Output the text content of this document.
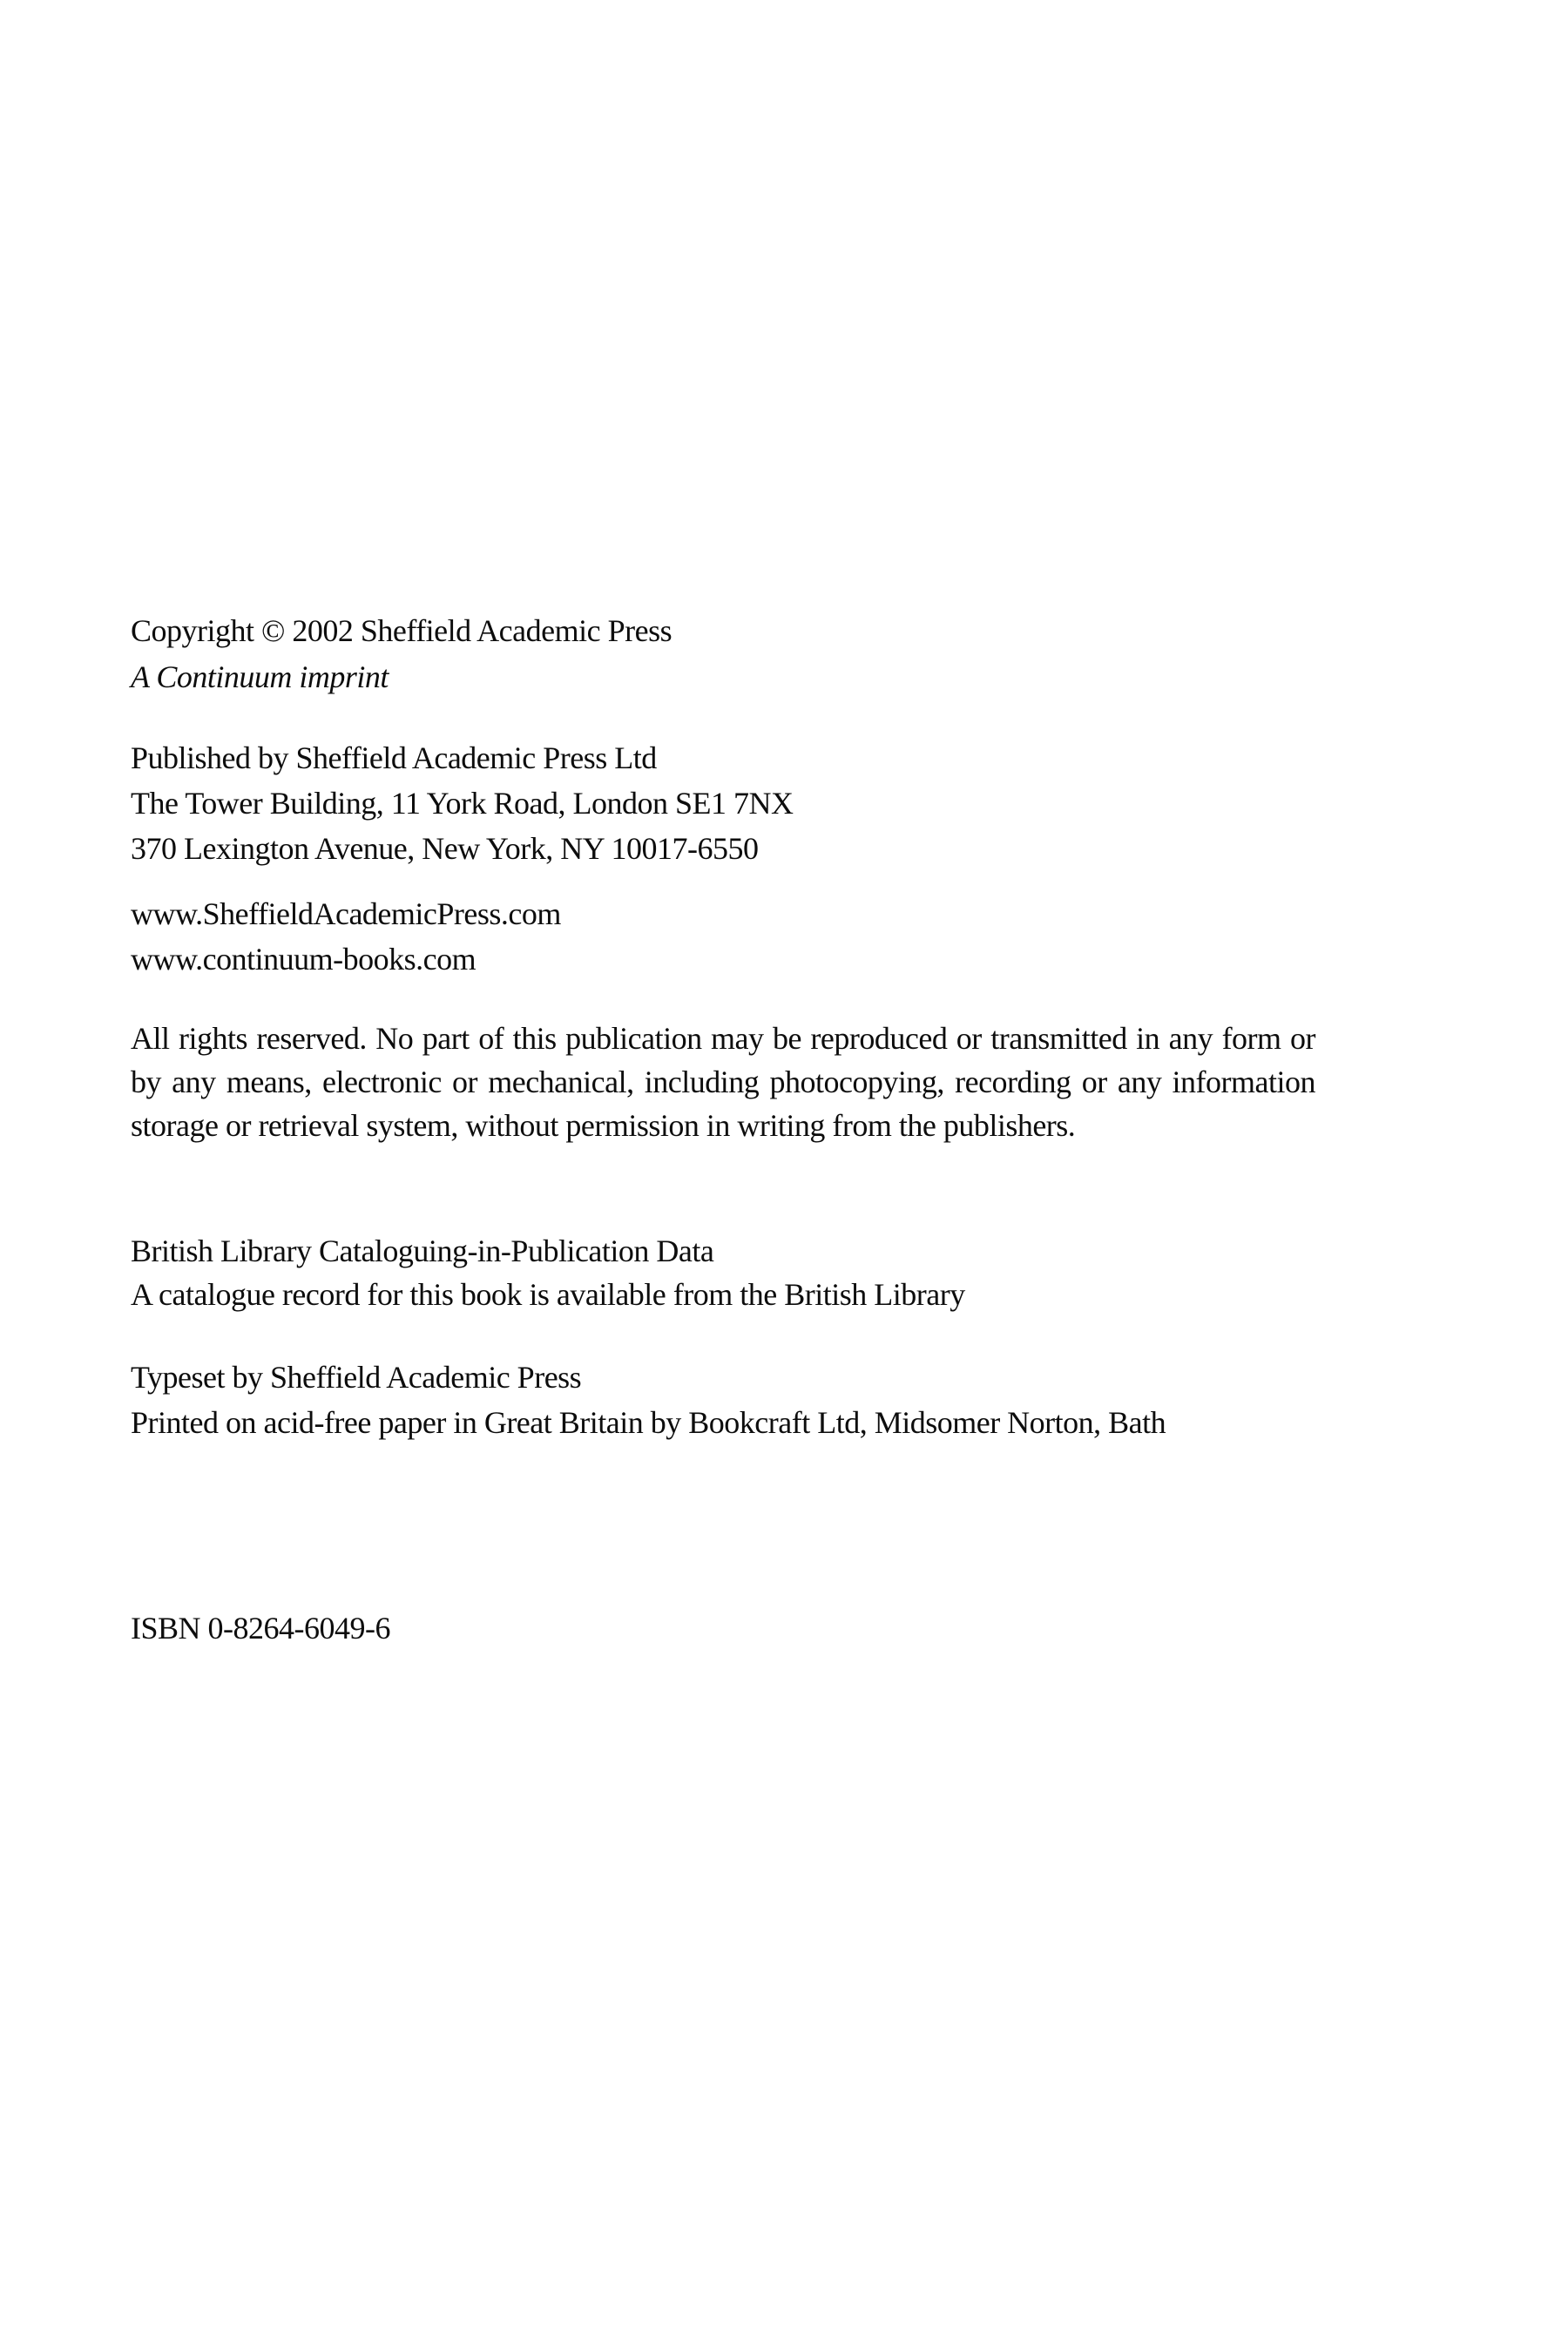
Copyright © 2002 Sheffield Academic Press
A Continuum imprint
Published by Sheffield Academic Press Ltd
The Tower Building, 11 York Road, London SE1 7NX
370 Lexington Avenue, New York, NY 10017-6550
www.SheffieldAcademicPress.com
www.continuum-books.com
All rights reserved. No part of this publication may be reproduced or transmitted in any form or by any means, electronic or mechanical, including photocopying, recording or any information storage or retrieval system, without permission in writing from the publishers.
British Library Cataloguing-in-Publication Data
A catalogue record for this book is available from the British Library
Typeset by Sheffield Academic Press
Printed on acid-free paper in Great Britain by Bookcraft Ltd, Midsomer Norton, Bath
ISBN 0-8264-6049-6
